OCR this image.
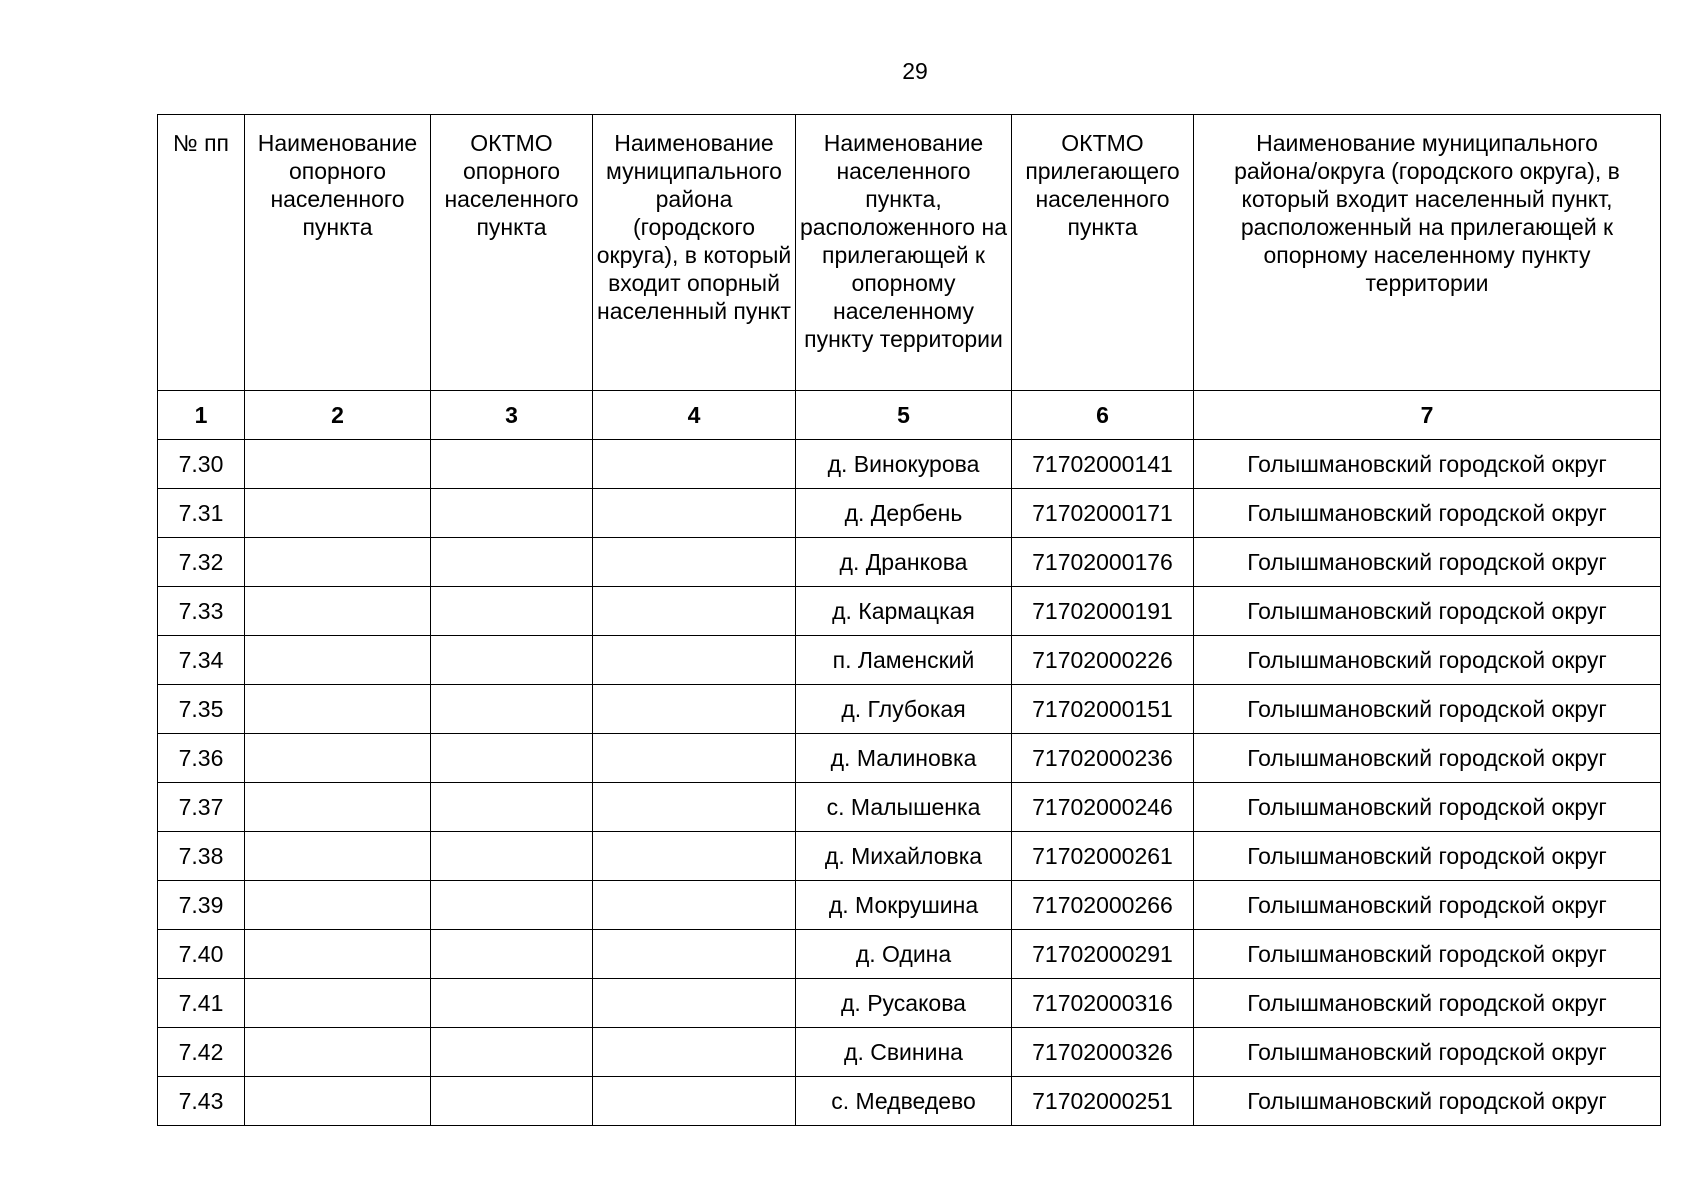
29
№ пп	Наименование опорного населенного пункта	ОКТМО опорного населенного пункта	Наименование муниципального района (городского округа), в который входит опорный населенный пункт	Наименование населенного пункта, расположенного на прилегающей к опорному населенному пункту территории	ОКТМО прилегающего населенного пункта	Наименование муниципального района/округа (городского округа), в который входит населенный пункт, расположенный на прилегающей к опорному населенному пункту территории
1	2	3	4	5	6	7
7.30				д. Винокурова	71702000141	Голышмановский городской округ
7.31				д. Дербень	71702000171	Голышмановский городской округ
7.32				д. Дранкова	71702000176	Голышмановский городской округ
7.33				д. Кармацкая	71702000191	Голышмановский городской округ
7.34				п. Ламенский	71702000226	Голышмановский городской округ
7.35				д. Глубокая	71702000151	Голышмановский городской округ
7.36				д. Малиновка	71702000236	Голышмановский городской округ
7.37				с. Малышенка	71702000246	Голышмановский городской округ
7.38				д. Михайловка	71702000261	Голышмановский городской округ
7.39				д. Мокрушина	71702000266	Голышмановский городской округ
7.40				д. Одина	71702000291	Голышмановский городской округ
7.41				д. Русакова	71702000316	Голышмановский городской округ
7.42				д. Свинина	71702000326	Голышмановский городской округ
7.43				с. Медведево	71702000251	Голышмановский городской округ
